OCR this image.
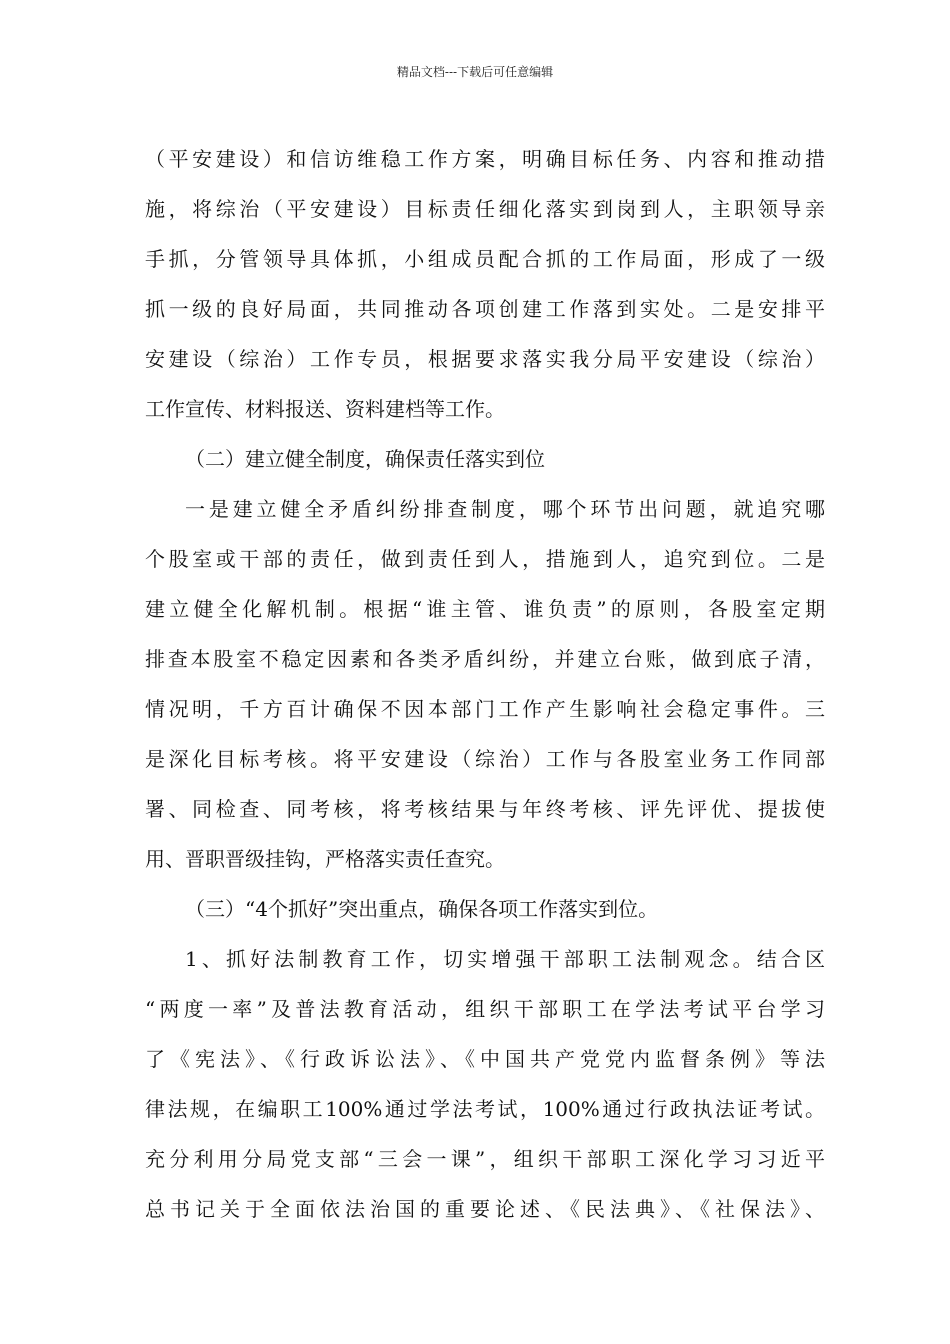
精品文档---下载后可任意编辑
（平安建设）和信访维稳工作方案，明确目标任务、内容和推动措
施，将综治（平安建设）目标责任细化落实到岗到人，主职领导亲
手抓，分管领导具体抓，小组成员配合抓的工作局面，形成了一级
抓一级的良好局面，共同推动各项创建工作落到实处。二是安排平
安建设（综治）工作专员，根据要求落实我分局平安建设（综治）
工作宣传、材料报送、资料建档等工作。
（二）建立健全制度，确保责任落实到位
一是建立健全矛盾纠纷排查制度，哪个环节出问题，就追究哪
个股室或干部的责任，做到责任到人，措施到人，追究到位。二是
建立健全化解机制。根据“谁主管、谁负责”的原则，各股室定期
排查本股室不稳定因素和各类矛盾纠纷，并建立台账，做到底子清，
情况明，千方百计确保不因本部门工作产生影响社会稳定事件。三
是深化目标考核。将平安建设（综治）工作与各股室业务工作同部
署、同检查、同考核，将考核结果与年终考核、评先评优、提拔使
用、晋职晋级挂钩，严格落实责任查究。
（三）“4个抓好”突出重点，确保各项工作落实到位。
1、抓好法制教育工作，切实增强干部职工法制观念。结合区
“两度一率”及普法教育活动，组织干部职工在学法考试平台学习
了《宪法》、《行政诉讼法》、《中国共产党党内监督条例》等法
律法规，在编职工100%通过学法考试，100%通过行政执法证考试。
充分利用分局党支部“三会一课”，组织干部职工深化学习习近平
总书记关于全面依法治国的重要论述、《民法典》、《社保法》、
